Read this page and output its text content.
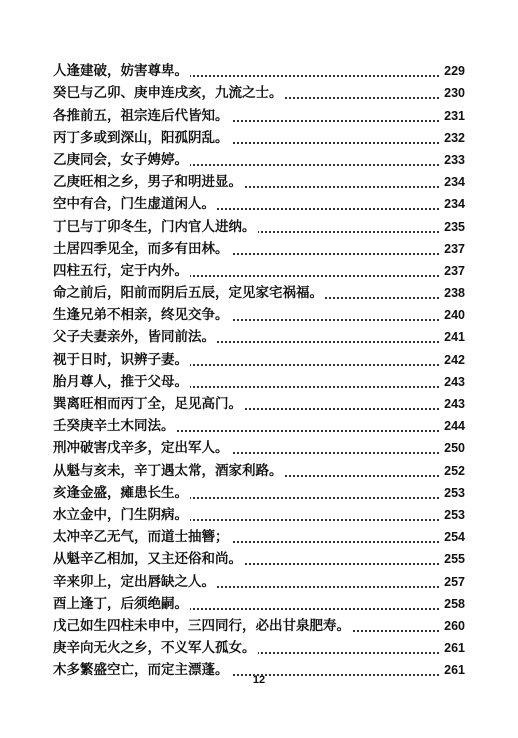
人逢建破，妨害尊卑。	229
癸巳与乙卯、庚申连戌亥，九流之士。	230
各推前五，祖宗连后代皆知。	231
丙丁多或到深山，阳孤阴乱。	232
乙庚同会，女子娉婷。	233
乙庚旺相之乡，男子和明进显。	234
空中有合，门生虚道闲人。	234
丁巳与丁卯冬生，门内官人进纳。	235
土居四季见全，而多有田林。	237
四柱五行，定于内外。	237
命之前后，阳前而阴后五辰，定见家宅祸福。	238
生逢兄弟不相亲，终见交争。	240
父子夫妻亲外，皆同前法。	241
视于日时，识辨子妻。	242
胎月尊人，推于父母。	243
巽离旺相而丙丁全，足见高门。	243
壬癸庚辛土木同法。	244
刑冲破害戊辛多，定出军人。	250
从魁与亥未，辛丁遇太常，酒家利路。	252
亥逢金盛，瘫患长生。	253
水立金中，门生阴病。	253
太冲辛乙无气，而道士抽簪；	254
从魁辛乙相加，又主还俗和尚。	255
辛来卯上，定出唇缺之人。	257
酉上逢丁，后须绝嗣。	258
戊己如生四柱未申中，三四同行，必出甘泉肥寿。	260
庚辛向无火之乡，不义军人孤女。	261
木多繁盛空亡，而定主漂蓬。	261
12
